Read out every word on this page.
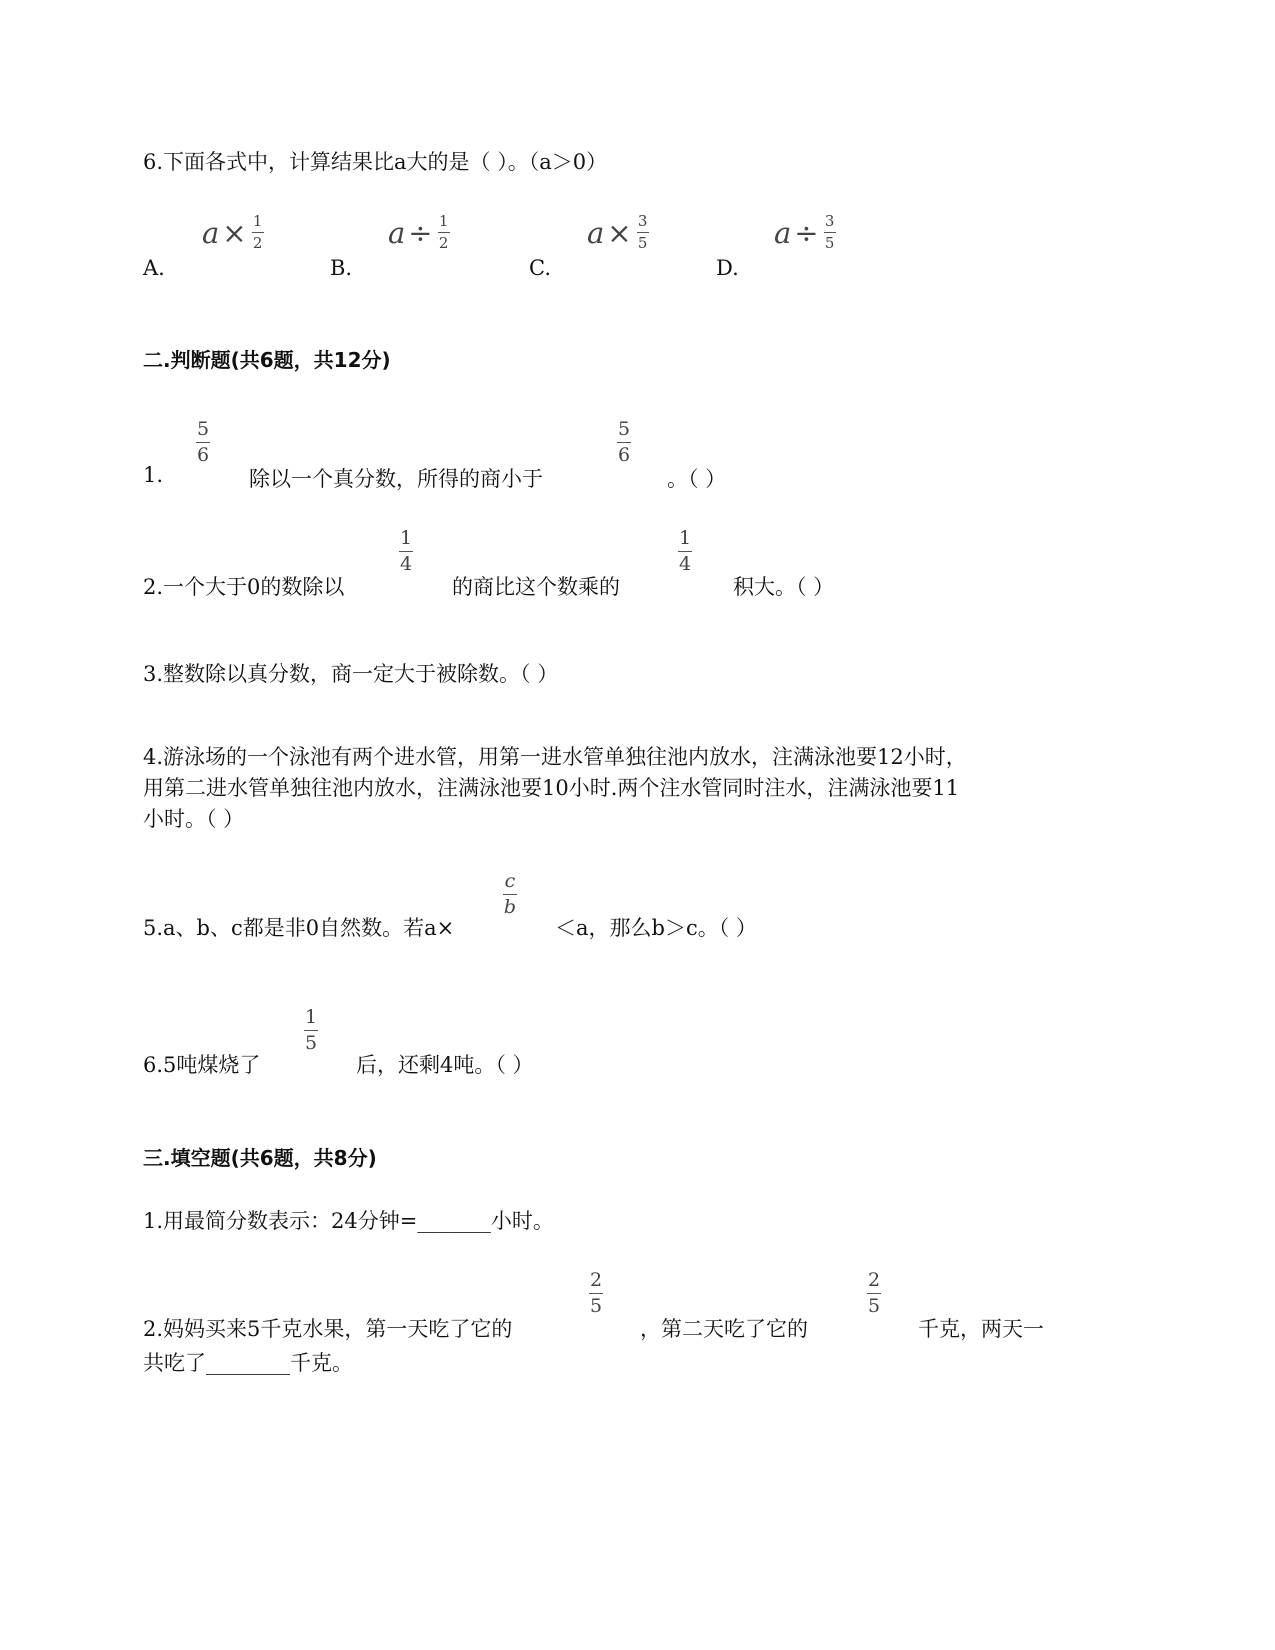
6.下面各式中，计算结果比a大的是（ ）。（a＞0）
A.
$a \times \frac{1}{2}$
B.
$a \div \frac{1}{2}$
C.
$a \times \frac{3}{5}$
D.
$a \div \frac{3}{5}$
二.判断题(共6题，共12分)
1.
5
6
除以一个真分数，所得的商小于
5
6
。（ ）
2.一个大于0的数除以
1
4
的商比这个数乘的
1
4
积大。（ ）
3.整数除以真分数，商一定大于被除数。（ ）
4.游泳场的一个泳池有两个进水管，用第一进水管单独往池内放水，注满泳池要12小时，
用第二进水管单独往池内放水，注满泳池要10小时.两个注水管同时注水，注满泳池要11
小时。（ ）
5.a、b、c都是非0自然数。若a×
c
b
＜a，那么b＞c。（ ）
6.5吨煤烧了
1
5
后，还剩4吨。（ ）
三.填空题(共6题，共8分)
1.用最简分数表示：24分钟=_______小时。
2.妈妈买来5千克水果，第一天吃了它的
2
5
，第二天吃了它的
2
5
千克，两天一
共吃了________千克。
